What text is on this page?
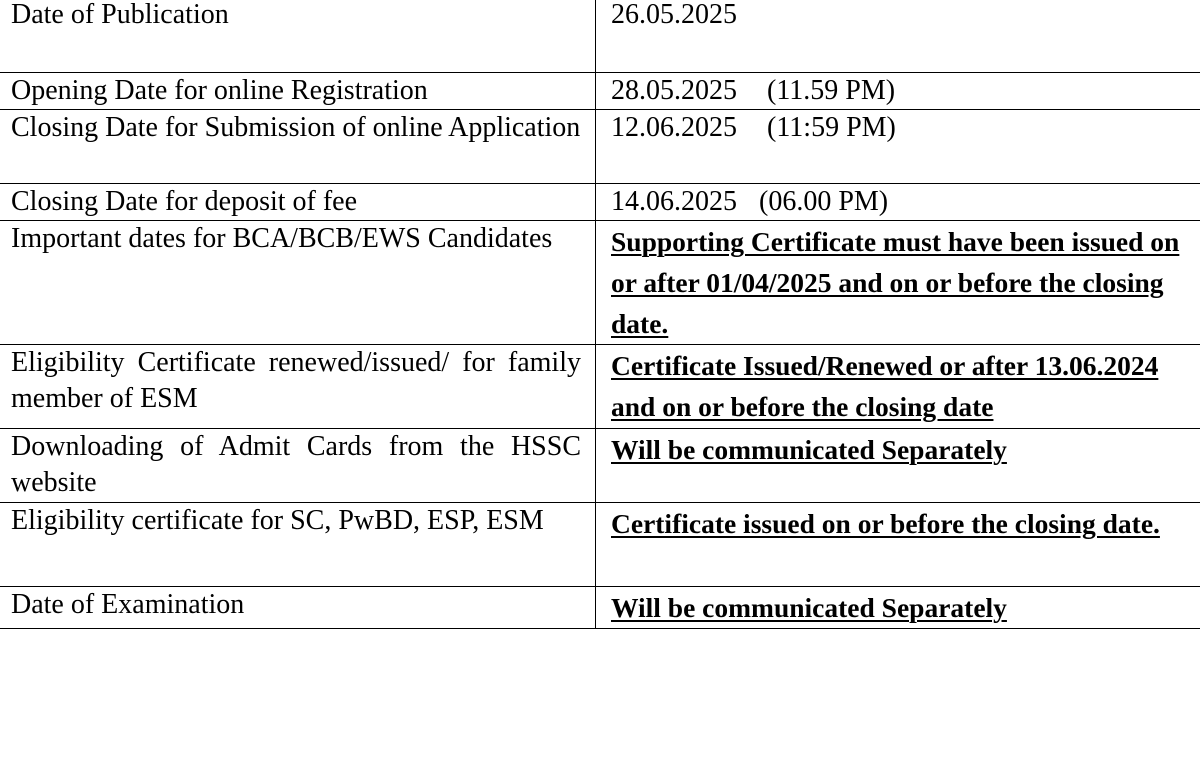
Date of Publication	26.05.2025
Opening Date for online Registration	28.05.2025 (11.59 PM)
Closing Date for Submission of online Application	12.06.2025 (11:59 PM)
Closing Date for deposit of fee	14.06.2025 (06.00 PM)
Important dates for BCA/BCB/EWS Candidates	Supporting Certificate must have been issued on or after 01/04/2025 and on or before the closing date.
Eligibility Certificate renewed/issued/ for family member of ESM	Certificate Issued/Renewed or after 13.06.2024 and on or before the closing date
Downloading of Admit Cards from the HSSC website	Will be communicated Separately
Eligibility certificate for SC, PwBD, ESP, ESM	Certificate issued on or before the closing date.
Date of Examination	Will be communicated Separately
